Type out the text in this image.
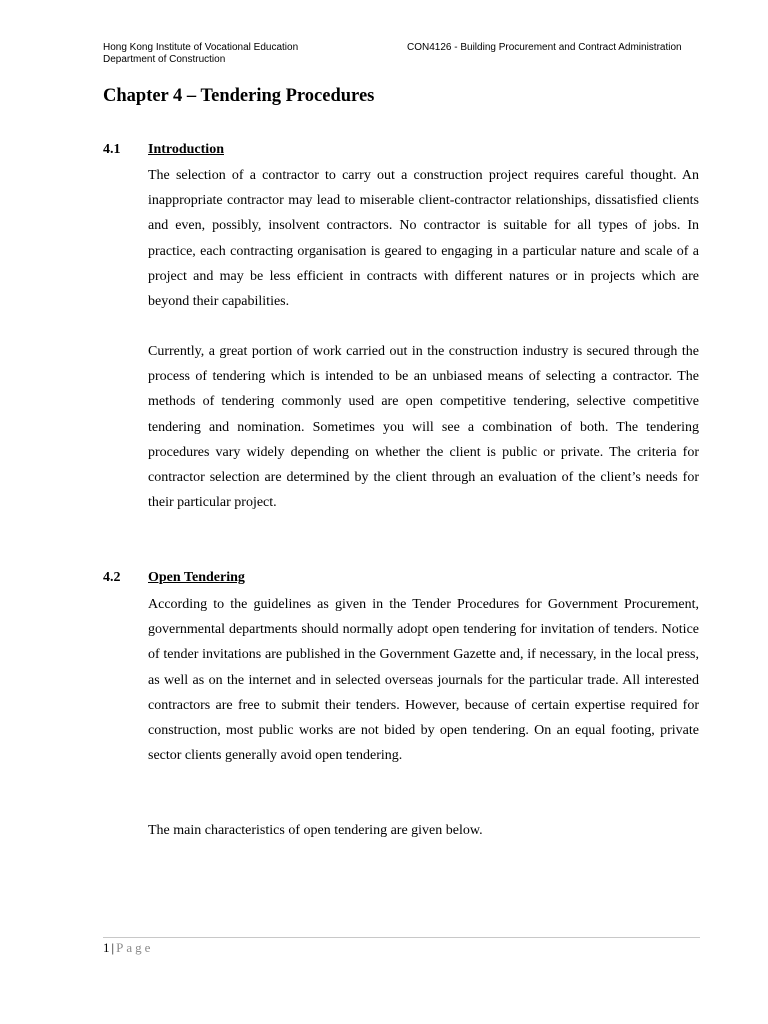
Hong Kong Institute of Vocational Education
Department of Construction
CON4126 - Building Procurement and Contract Administration
Chapter 4 – Tendering Procedures
4.1 Introduction

The selection of a contractor to carry out a construction project requires careful thought. An inappropriate contractor may lead to miserable client-contractor relationships, dissatisfied clients and even, possibly, insolvent contractors. No contractor is suitable for all types of jobs. In practice, each contracting organisation is geared to engaging in a particular nature and scale of a project and may be less efficient in contracts with different natures or in projects which are beyond their capabilities.

Currently, a great portion of work carried out in the construction industry is secured through the process of tendering which is intended to be an unbiased means of selecting a contractor. The methods of tendering commonly used are open competitive tendering, selective competitive tendering and nomination. Sometimes you will see a combination of both. The tendering procedures vary widely depending on whether the client is public or private. The criteria for contractor selection are determined by the client through an evaluation of the client’s needs for their particular project.

4.2 Open Tendering

According to the guidelines as given in the Tender Procedures for Government Procurement, governmental departments should normally adopt open tendering for invitation of tenders. Notice of tender invitations are published in the Government Gazette and, if necessary, in the local press, as well as on the internet and in selected overseas journals for the particular trade. All interested contractors are free to submit their tenders. However, because of certain expertise required for construction, most public works are not bided by open tendering. On an equal footing, private sector clients generally avoid open tendering.

The main characteristics of open tendering are given below.

1 | Page
